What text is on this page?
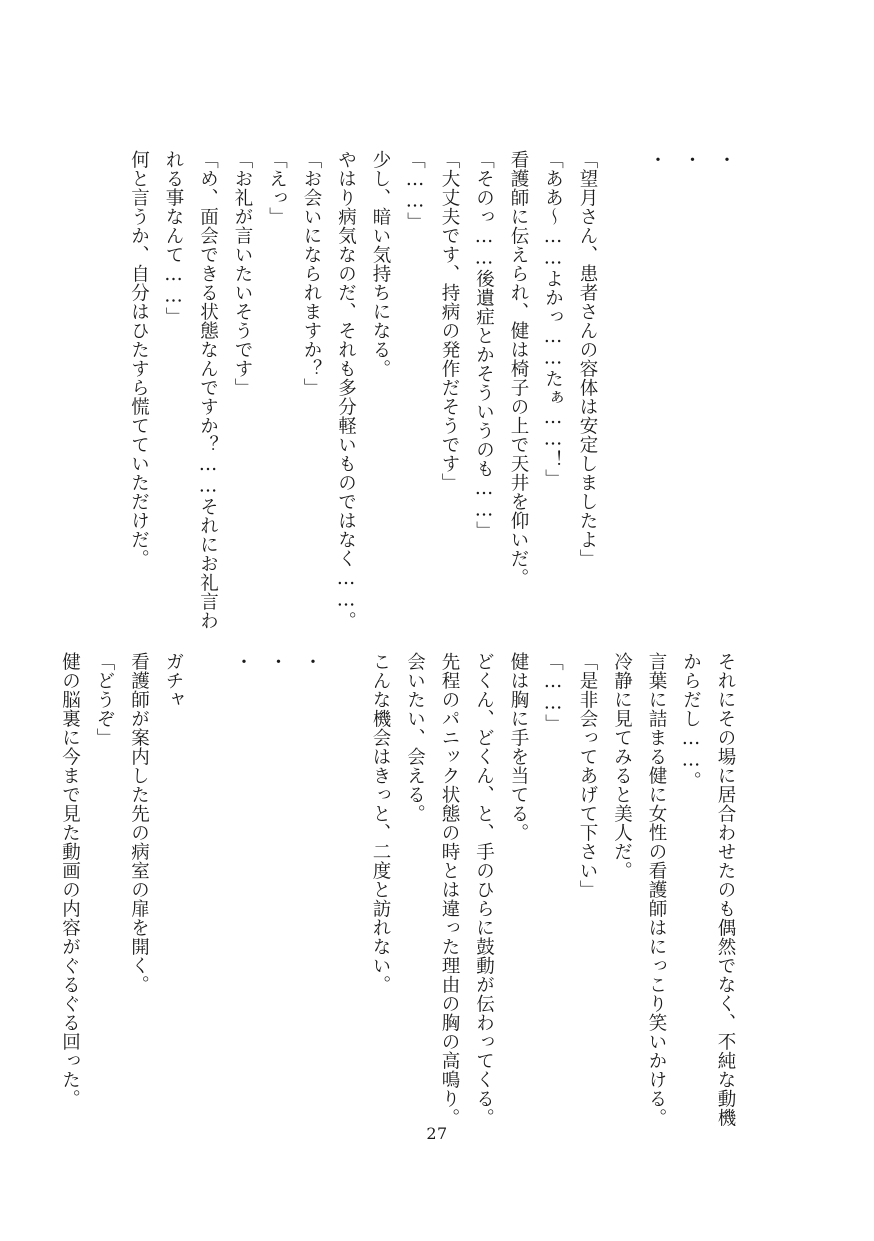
・
・
・

「望月さん、患者さんの容体は安定しましたよ」
「ああ〜……よかっ……たぁ……！」
看護師に伝えられ、健は椅子の上で天井を仰いだ。
「そのっ……後遺症とかそういうのも……」
「大丈夫です、持病の発作だそうです」
「……」
少し、暗い気持ちになる。
やはり病気なのだ、それも多分軽いものではなく……。
「お会いになられますか？」
「えっ」
「お礼が言いたいそうです」
「め、面会できる状態なんですか？……それにお礼言わ
れる事なんて……」
何と言うか、自分はひたすら慌てていただけだ。
それにその場に居合わせたのも偶然でなく、不純な動機
からだし……。
言葉に詰まる健に女性の看護師はにっこり笑いかける。
冷静に見てみると美人だ。
「是非会ってあげて下さい」
「……」
健は胸に手を当てる。
どくん、どくん、と、手のひらに鼓動が伝わってくる。
先程のパニック状態の時とは違った理由の胸の高鳴り。
会いたい、会える。
こんな機会はきっと、二度と訪れない。

・
・
・

ガチャ
看護師が案内した先の病室の扉を開く。
「どうぞ」
健の脳裏に今まで見た動画の内容がぐるぐる回った。
27
